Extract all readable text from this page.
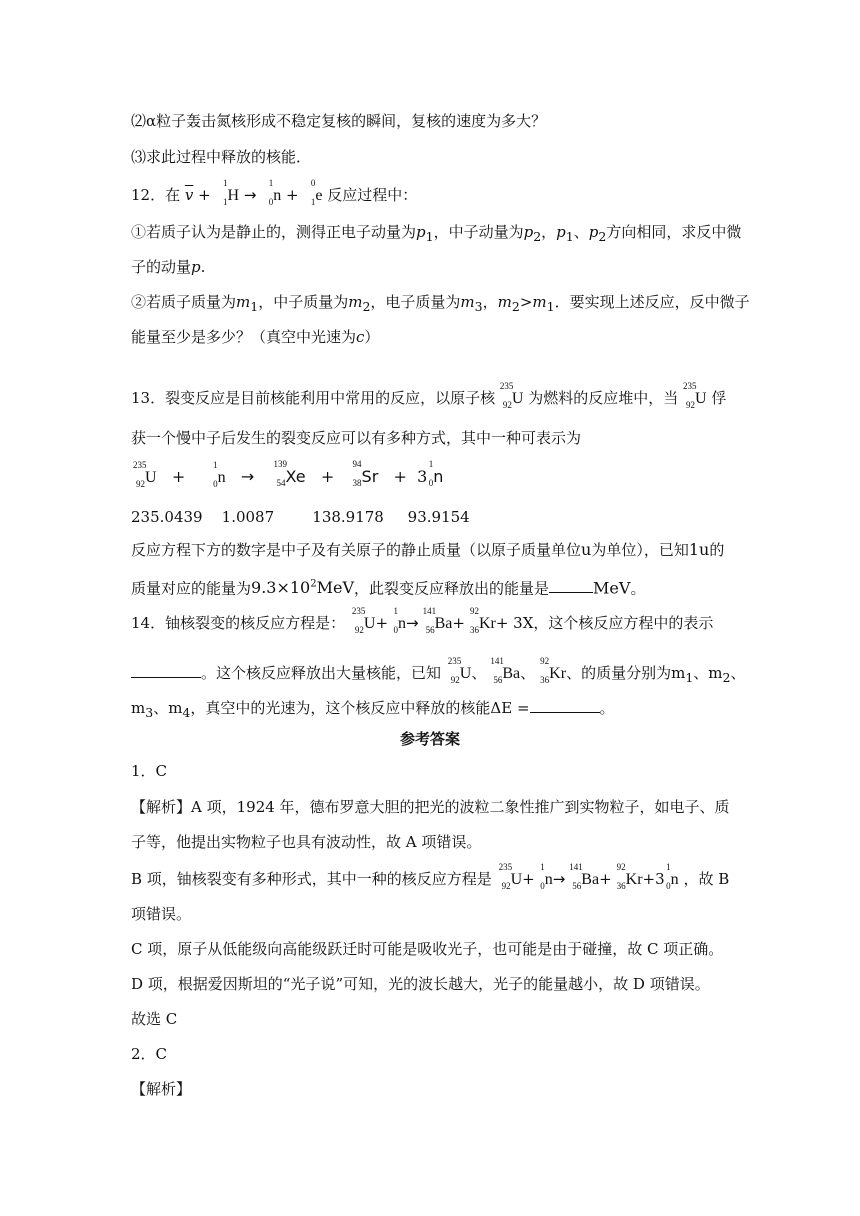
⑵α粒子轰击氮核形成不稳定复核的瞬间，复核的速度为多大？
⑶求此过程中释放的核能．
12．在 $\overline{v}$ +
1
1 H →
1
0 n +
0
1 e 反应过程中：
①若质子认为是静止的，测得正电子动量为$p_1$，中子动量为$p_2$，$p_1$、$p_2$方向相同，求反中微
子的动量p.
②若质子质量为$m_1$，中子质量为$m_2$，电子质量为$m_3$，$m_2>m_1$．要实现上述反应，反中微子
能量至少是多少？（真空中光速为c）
13．裂变反应是目前核能利用中常用的反应，以原子核
235
92 U 为燃料的反应堆中，当
235
92 U 俘
获一个慢中子后发生的裂变反应可以有多种方式，其中一种可表示为
235
92 U   +
1
0 n →
139
54 Xe   +
94
38 Sr   +  3
1
0 n
235.0439    1.0087        138.9178     93.9154
反应方程下方的数字是中子及有关原子的静止质量（以原子质量单位u为单位），已知1u的
质量对应的能量为$9.3\times 10^2MeV$，此裂变反应释放出的能量是	MeV。
14．铀核裂变的核反应方程是：
235
92 U+
1
0 n→
141
56 Ba+
92
36 Kr+ 3X，这个核反应方程中的表示
。这个核反应释放出大量核能，已知
235
92 U、
141
56 Ba、
92
36 Kr、的质量分别为$m_1$、$m_2$、
$m_3$、$m_4$，真空中的光速为，这个核反应中释放的核能ΔE =	。
参考答案
1．C
【解析】A 项，1924 年，德布罗意大胆的把光的波粒二象性推广到实物粒子，如电子、质
子等，他提出实物粒子也具有波动性，故 A 项错误。
B 项，铀核裂变有多种形式，其中一种的核反应方程是
235
92 U+
1
0 n→
141
56 Ba+
92
36 Kr+3
1
0 n ，故 B
项错误。
C 项，原子从低能级向高能级跃迁时可能是吸收光子，也可能是由于碰撞，故 C 项正确。
D 项，根据爱因斯坦的“光子说”可知，光的波长越大，光子的能量越小，故 D 项错误。
故选 C
2．C
【解析】
